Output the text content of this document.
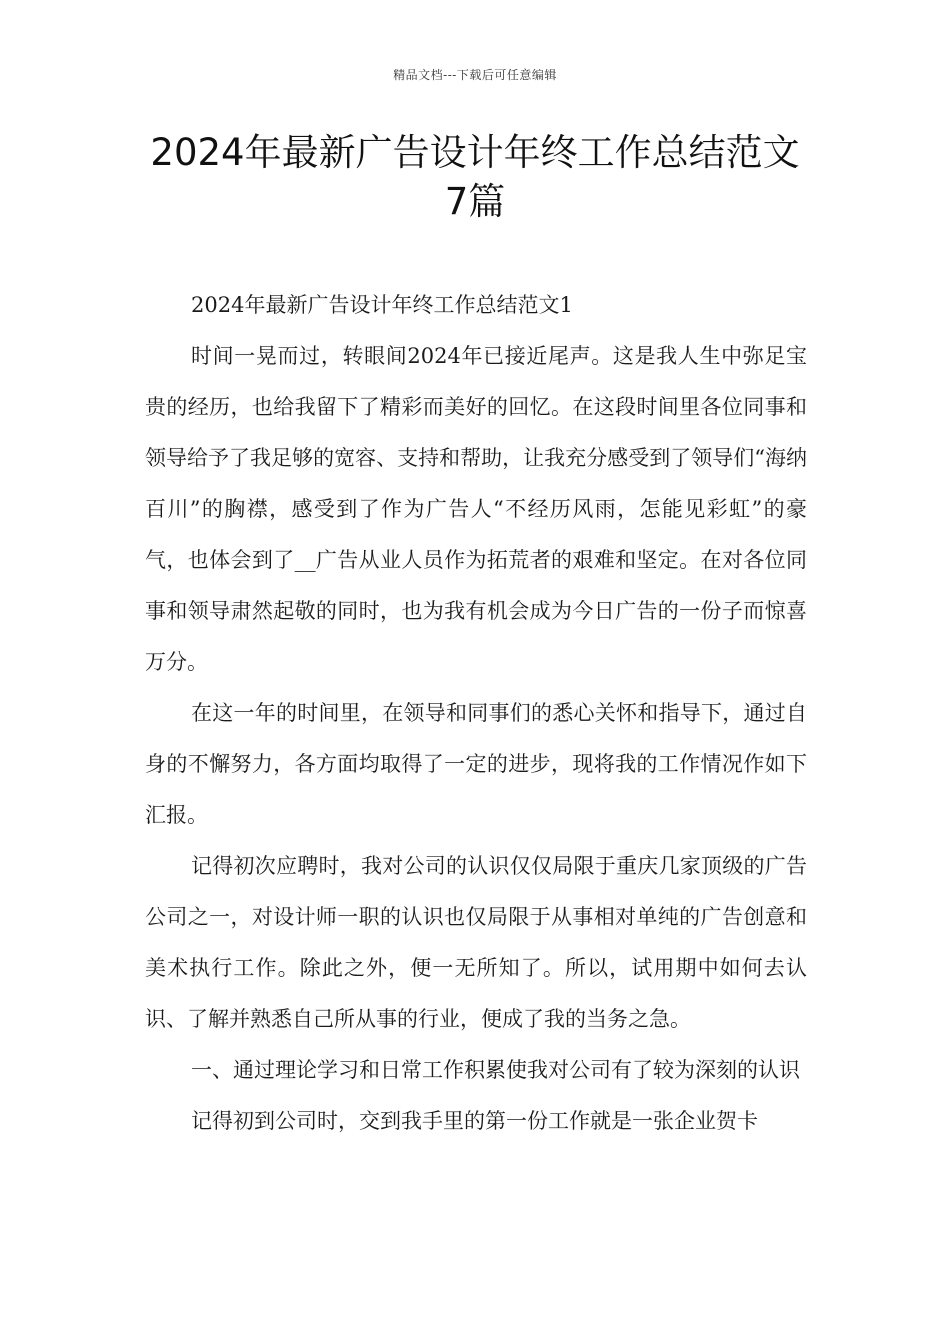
精品文档---下载后可任意编辑
2024年最新广告设计年终工作总结范文
7篇

2024年最新广告设计年终工作总结范文1

时间一晃而过，转眼间2024年已接近尾声。这是我人生中弥足宝贵的经历，也给我留下了精彩而美好的回忆。在这段时间里各位同事和领导给予了我足够的宽容、支持和帮助，让我充分感受到了领导们“海纳百川”的胸襟，感受到了作为广告人“不经历风雨，怎能见彩虹”的豪气，也体会到了__广告从业人员作为拓荒者的艰难和坚定。在对各位同事和领导肃然起敬的同时，也为我有机会成为今日广告的一份子而惊喜万分。

在这一年的时间里，在领导和同事们的悉心关怀和指导下，通过自身的不懈努力，各方面均取得了一定的进步，现将我的工作情况作如下汇报。

记得初次应聘时，我对公司的认识仅仅局限于重庆几家顶级的广告公司之一，对设计师一职的认识也仅局限于从事相对单纯的广告创意和美术执行工作。除此之外，便一无所知了。所以，试用期中如何去认识、了解并熟悉自己所从事的行业，便成了我的当务之急。

一、通过理论学习和日常工作积累使我对公司有了较为深刻的认识

记得初到公司时，交到我手里的第一份工作就是一张企业贺卡
